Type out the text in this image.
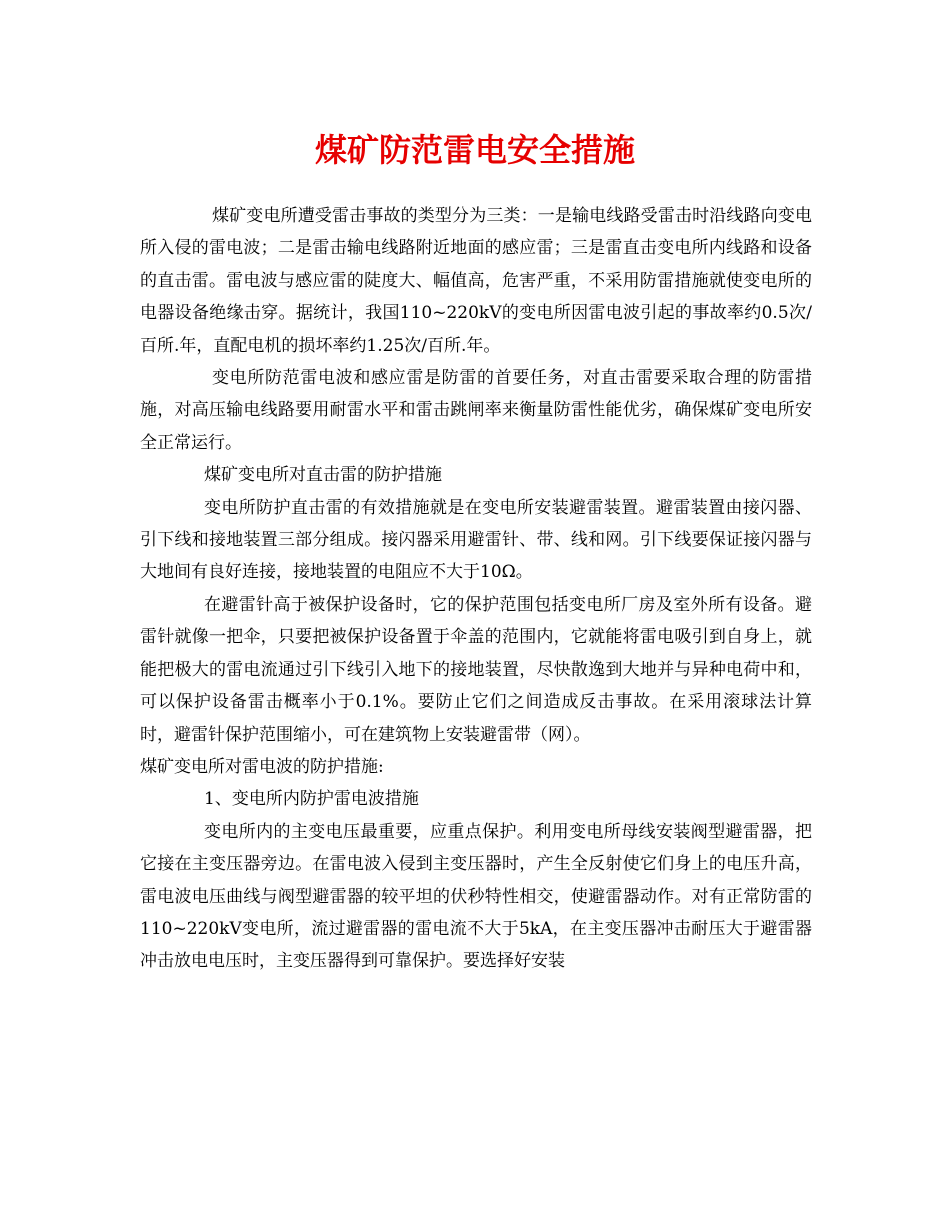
煤矿防范雷电安全措施

煤矿变电所遭受雷击事故的类型分为三类：一是输电线路受雷击时沿线路向变电所入侵的雷电波；二是雷击输电线路附近地面的感应雷；三是雷直击变电所内线路和设备的直击雷。雷电波与感应雷的陡度大、幅值高，危害严重，不采用防雷措施就使变电所的电器设备绝缘击穿。据统计，我国110~220kV的变电所因雷电波引起的事故率约0.5次/百所.年，直配电机的损坏率约1.25次/百所.年。

变电所防范雷电波和感应雷是防雷的首要任务，对直击雷要采取合理的防雷措施，对高压输电线路要用耐雷水平和雷击跳闸率来衡量防雷性能优劣，确保煤矿变电所安全正常运行。

煤矿变电所对直击雷的防护措施

变电所防护直击雷的有效措施就是在变电所安装避雷装置。避雷装置由接闪器、引下线和接地装置三部分组成。接闪器采用避雷针、带、线和网。引下线要保证接闪器与大地间有良好连接，接地装置的电阻应不大于10Ω。

在避雷针高于被保护设备时，它的保护范围包括变电所厂房及室外所有设备。避雷针就像一把伞，只要把被保护设备置于伞盖的范围内，它就能将雷电吸引到自身上，就能把极大的雷电流通过引下线引入地下的接地装置，尽快散逸到大地并与异种电荷中和，可以保护设备雷击概率小于0.1%。要防止它们之间造成反击事故。在采用滚球法计算时，避雷针保护范围缩小，可在建筑物上安装避雷带（网）。

煤矿变电所对雷电波的防护措施:

1、变电所内防护雷电波措施

变电所内的主变电压最重要，应重点保护。利用变电所母线安装阀型避雷器，把它接在主变压器旁边。在雷电波入侵到主变压器时，产生全反射使它们身上的电压升高，雷电波电压曲线与阀型避雷器的较平坦的伏秒特性相交，使避雷器动作。对有正常防雷的110~220kV变电所，流过避雷器的雷电流不大于5kA，在主变压器冲击耐压大于避雷器冲击放电电压时，主变压器得到可靠保护。要选择好安装
